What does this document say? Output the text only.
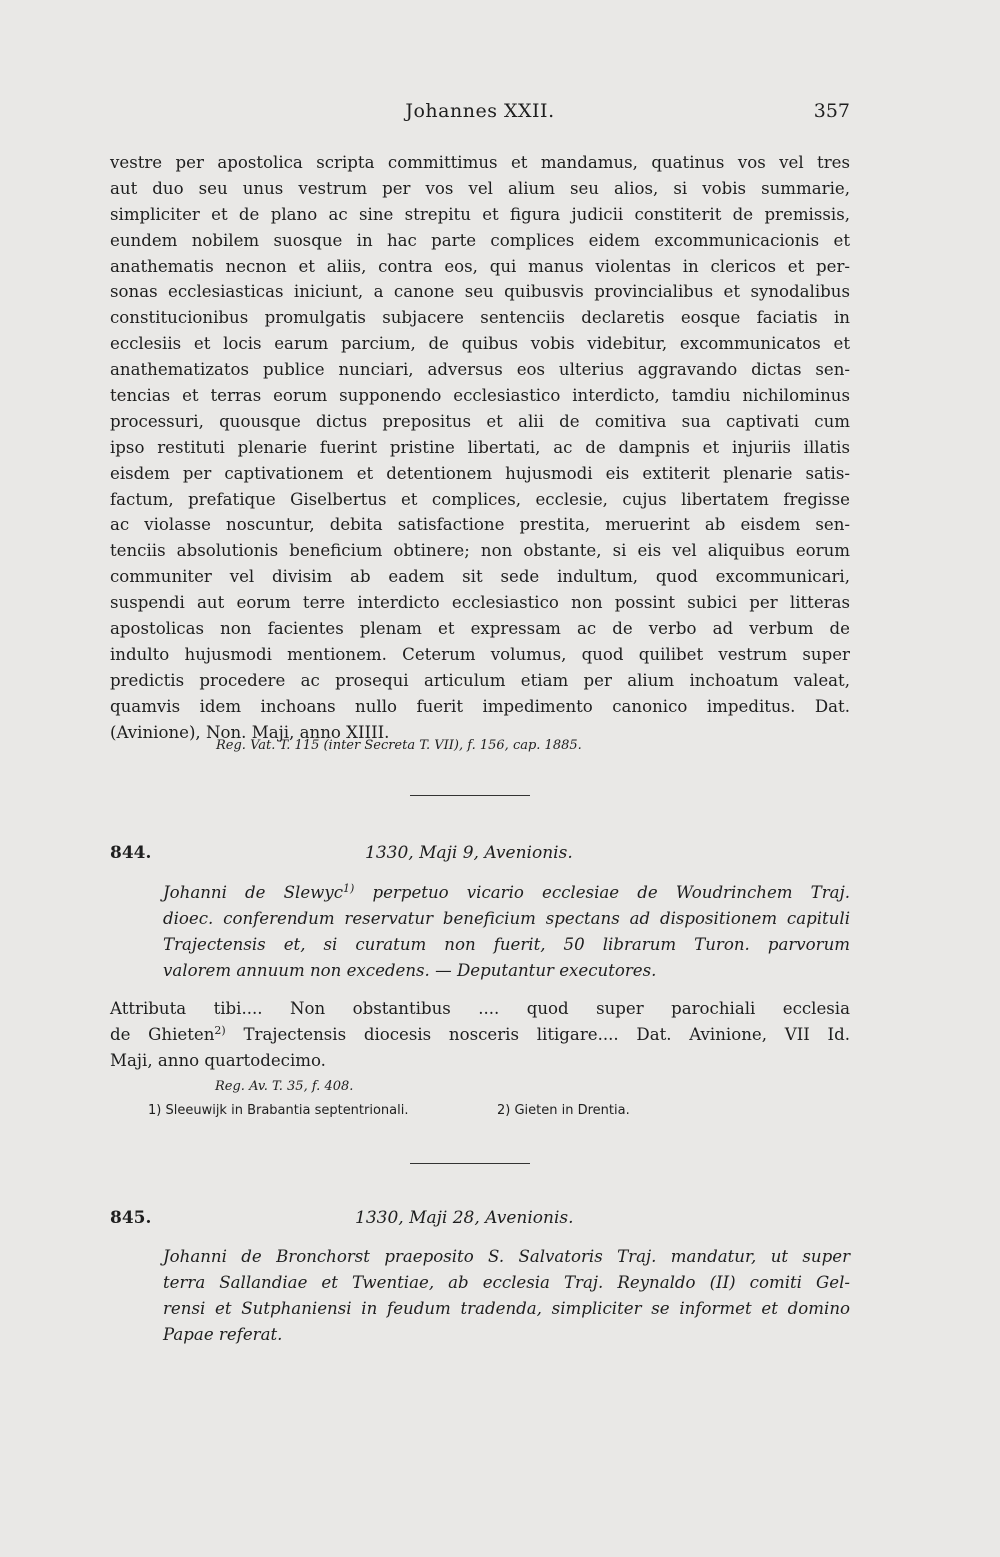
Johannes XXII.	357
vestre per apostolica scripta committimus et mandamus, quatinus vos vel tres
aut duo seu unus vestrum per vos vel alium seu alios, si vobis summarie,
simpliciter et de plano ac sine strepitu et figura judicii constiterit de premissis,
eundem nobilem suosque in hac parte complices eidem excommunicacionis et
anathematis necnon et aliis, contra eos, qui manus violentas in clericos et per-
sonas ecclesiasticas iniciunt, a canone seu quibusvis provincialibus et synodalibus
constitucionibus promulgatis subjacere sentenciis declaretis eosque faciatis in
ecclesiis et locis earum parcium, de quibus vobis videbitur, excommunicatos et
anathematizatos publice nunciari, adversus eos ulterius aggravando dictas sen-
tencias et terras eorum supponendo ecclesiastico interdicto, tamdiu nichilominus
processuri, quousque dictus prepositus et alii de comitiva sua captivati cum
ipso restituti plenarie fuerint pristine libertati, ac de dampnis et injuriis illatis
eisdem per captivationem et detentionem hujusmodi eis extiterit plenarie satis-
factum, prefatique Giselbertus et complices, ecclesie, cujus libertatem fregisse
ac violasse noscuntur, debita satisfactione prestita, meruerint ab eisdem sen-
tenciis absolutionis beneficium obtinere; non obstante, si eis vel aliquibus eorum
communiter vel divisim ab eadem sit sede indultum, quod excommunicari,
suspendi aut eorum terre interdicto ecclesiastico non possint subici per litteras
apostolicas non facientes plenam et expressam ac de verbo ad verbum de
indulto hujusmodi mentionem. Ceterum volumus, quod quilibet vestrum super
predictis procedere ac prosequi articulum etiam per alium inchoatum valeat,
quamvis idem inchoans nullo fuerit impedimento canonico impeditus. Dat.
(Avinione), Non. Maji, anno XIIII.
Reg. Vat. T. 115 (inter Secreta T. VII), f. 156, cap. 1885.
844.	1330, Maji 9, Avenionis.
Johanni de Slewyc$^{1)}$ perpetuo vicario ecclesiae de Woudrinchem Traj.
dioec. conferendum reservatur beneficium spectans ad dispositionem capituli
Trajectensis et, si curatum non fuerit, 50 librarum Turon. parvorum
valorem annuum non excedens. — Deputantur executores.
Attributa tibi.... Non obstantibus .... quod super parochiali ecclesia
de Ghieten$^{2)}$ Trajectensis diocesis nosceris litigare.... Dat. Avinione, VII Id.
Maji, anno quartodecimo.
Reg. Av. T. 35, f. 408.
1) Sleeuwijk in Brabantia septentrionali.	2) Gieten in Drentia.
845.	1330, Maji 28, Avenionis.
Johanni de Bronchorst praeposito S. Salvatoris Traj. mandatur, ut super
terra Sallandiae et Twentiae, ab ecclesia Traj. Reynaldo (II) comiti Gel-
rensi et Sutphaniensi in feudum tradenda, simpliciter se informet et domino
Papae referat.
